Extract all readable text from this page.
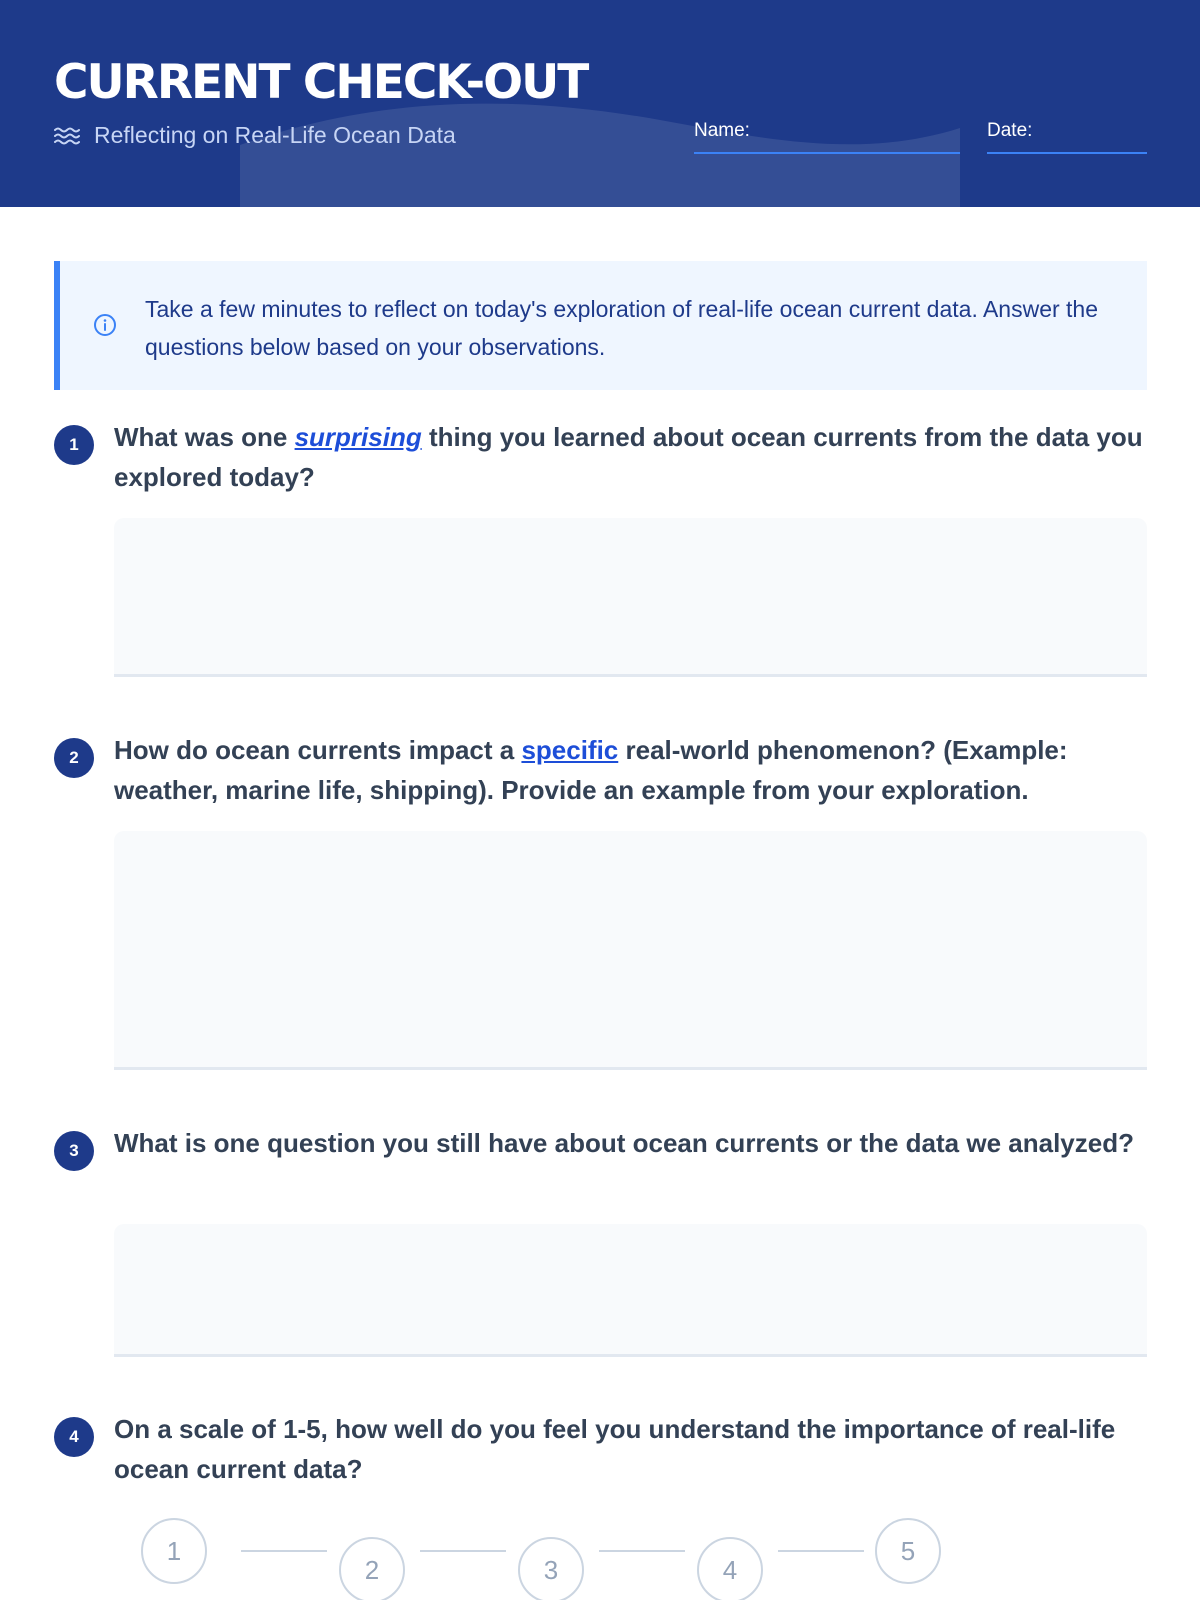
CURRENT CHECK-OUT
Reflecting on Real-Life Ocean Data	Name:	Date:
Take a few minutes to reflect on today's exploration of real-life ocean current data. Answer the questions below based on your observations.
1	What was one surprising thing you learned about ocean currents from the data you explored today?
2	How do ocean currents impact a specific real-world phenomenon? (Example: weather, marine life, shipping). Provide an example from your exploration.
3	What is one question you still have about ocean currents or the data we analyzed?
4	On a scale of 1-5, how well do you feel you understand the importance of real-life ocean current data?
1
2	3	4
5
